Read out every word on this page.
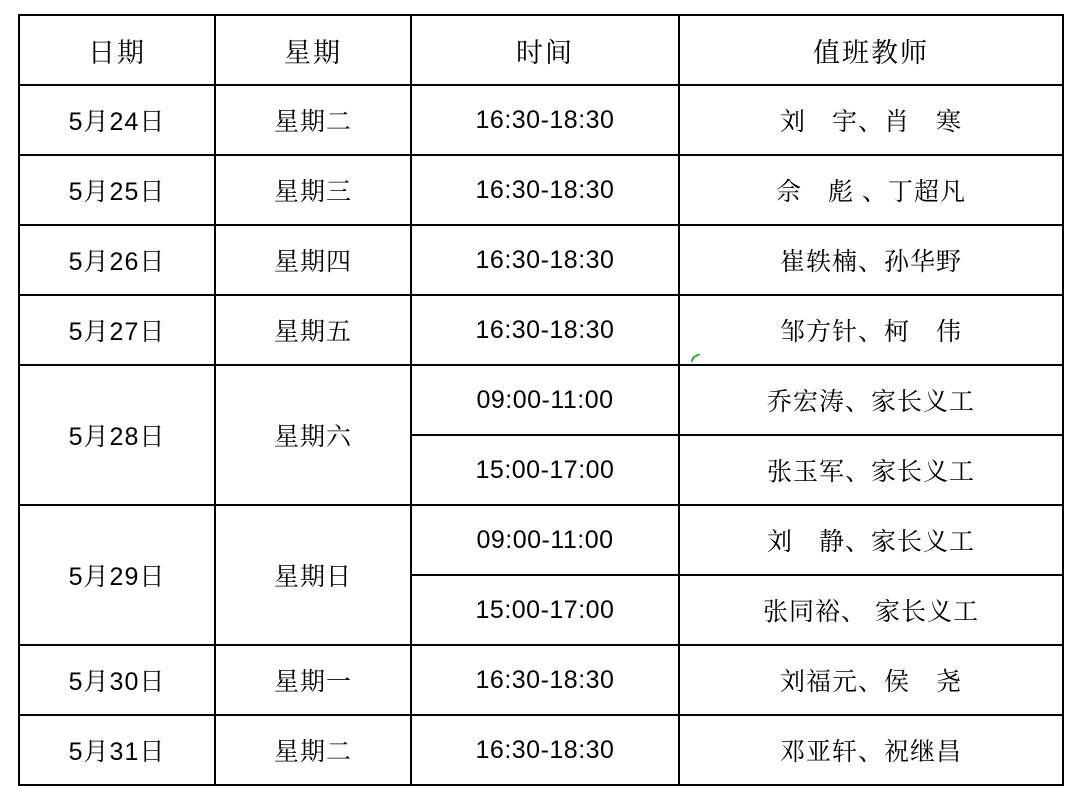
日期	星期	时间	值班教师
5月24日	星期二	16:30-18:30	刘　宇、肖　寒
5月25日	星期三	16:30-18:30	佘　彪 、丁超凡
5月26日	星期四	16:30-18:30	崔轶楠、孙华野
5月27日	星期五	16:30-18:30	邹方针、柯　伟
5月28日	星期六	09:00-11:00	乔宏涛、家长义工
		15:00-17:00	张玉军、家长义工
5月29日	星期日	09:00-11:00	刘　静、家长义工
		15:00-17:00	张同裕、 家长义工
5月30日	星期一	16:30-18:30	刘福元、侯　尧
5月31日	星期二	16:30-18:30	邓亚轩、祝继昌
